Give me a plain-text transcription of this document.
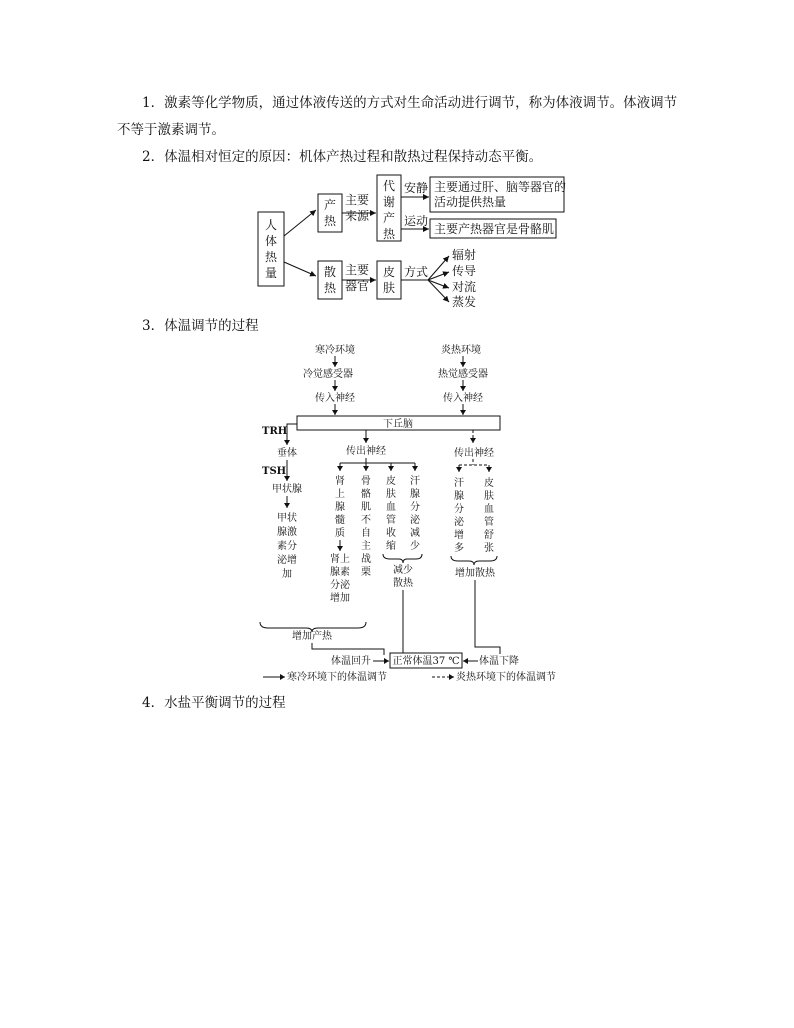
1．激素等化学物质，通过体液传送的方式对生命活动进行调节，称为体液调节。体液调节不等于激素调节。

2．体温相对恒定的原因：机体产热过程和散热过程保持动态平衡。

人
体
热
量
产
热
主要
来源
代
谢
产
热
安静 主要通过肝、脑等器官的
活动提供热量
运动
主要产热器官是骨骼肌
散
热
主要
器官
皮
肤
方式
辐射
传导
对流
蒸发

3．体温调节的过程

寒冷环境
冷觉感受器
传入神经
炎热环境
热觉感受器
传入神经
下丘脑
TRH
垂体
TSH
甲状腺
甲状
腺激
素分
泌增
加
传出神经
肾
上
腺
髓
质
肾上
腺素
分泌
增加
骨
骼
肌
不
自
主
战
栗
皮
肤
血
管
收
缩
汗
腺
分
泌
减
少
减少
散热
传出神经
汗
腺
分
泌
增
多
皮
肤
血
管
舒
张
增加散热
增加产热
体温回升 正常体温37 ℃ 体温下降
寒冷环境下的体温调节	炎热环境下的体温调节

4．水盐平衡调节的过程
